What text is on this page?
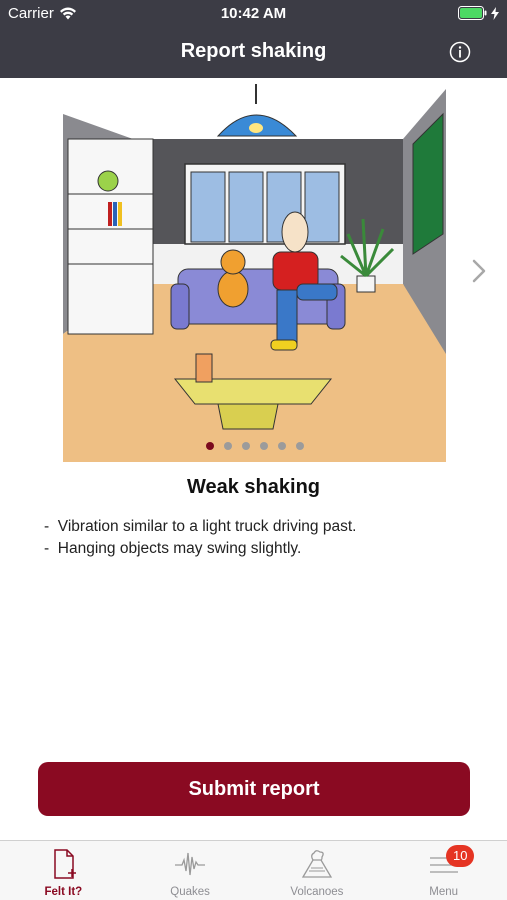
Carrier	10:42 AM
Report shaking
Weak shaking
- Vibration similar to a light truck driving past.
- Hanging objects may swing slightly.
Submit report
Felt It?	Quakes	Volcanoes	Menu
10
